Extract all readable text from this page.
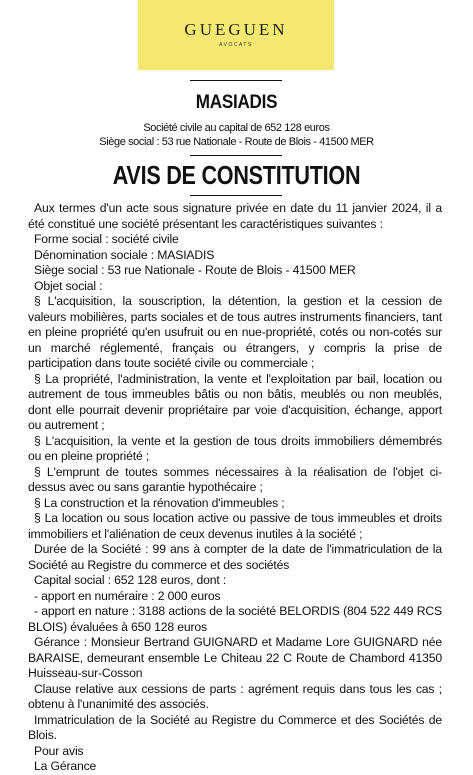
GUEGUEN
AVOCATS
MASIADIS
Société civile au capital de 652 128 euros
Siège social : 53 rue Nationale - Route de Blois - 41500 MER
AVIS DE CONSTITUTION

Aux termes d'un acte sous signature privée en date du 11 janvier 2024, il a été constitué une société présentant les caractéristiques suivantes :

Forme social : société civile

Dénomination sociale : MASIADIS

Siège social : 53 rue Nationale - Route de Blois - 41500 MER

Objet social :

§ L'acquisition, la souscription, la détention, la gestion et la cession de valeurs mobilières, parts sociales et de tous autres instruments financiers, tant en pleine propriété qu'en usufruit ou en nue-propriété, cotés ou non-cotés sur un marché réglementé, français ou étrangers, y compris la prise de participation dans toute société civile ou commerciale ;

§ La propriété, l'administration, la vente et l'exploitation par bail, location ou autrement de tous immeubles bâtis ou non bâtis, meublés ou non meublés, dont elle pourrait devenir propriétaire par voie d'acquisition, échange, apport ou autrement ;

§ L'acquisition, la vente et la gestion de tous droits immobiliers démembrés ou en pleine propriété ;

§ L'emprunt de toutes sommes nécessaires à la réalisation de l'objet ci-dessus avec ou sans garantie hypothécaire ;

§ La construction et la rénovation d'immeubles ;

§ La location ou sous location active ou passive de tous immeubles et droits immobiliers et l'aliénation de ceux devenus inutiles à la société ;

Durée de la Société : 99 ans à compter de la date de l'immatriculation de la Société au Registre du commerce et des sociétés

Capital social : 652 128 euros, dont :

- apport en numéraire : 2 000 euros

- apport en nature : 3188 actions de la société BELORDIS (804 522 449 RCS BLOIS) évaluées à 650 128 euros

Gérance : Monsieur Bertrand GUIGNARD et Madame Lore GUIGNARD née BARAISE, demeurant ensemble Le Chiteau 22 C Route de Chambord 41350 Huisseau-sur-Cosson

Clause relative aux cessions de parts : agrément requis dans tous les cas ; obtenu à l'unanimité des associés.

Immatriculation de la Société au Registre du Commerce et des Sociétés de Blois.

Pour avis

La Gérance
